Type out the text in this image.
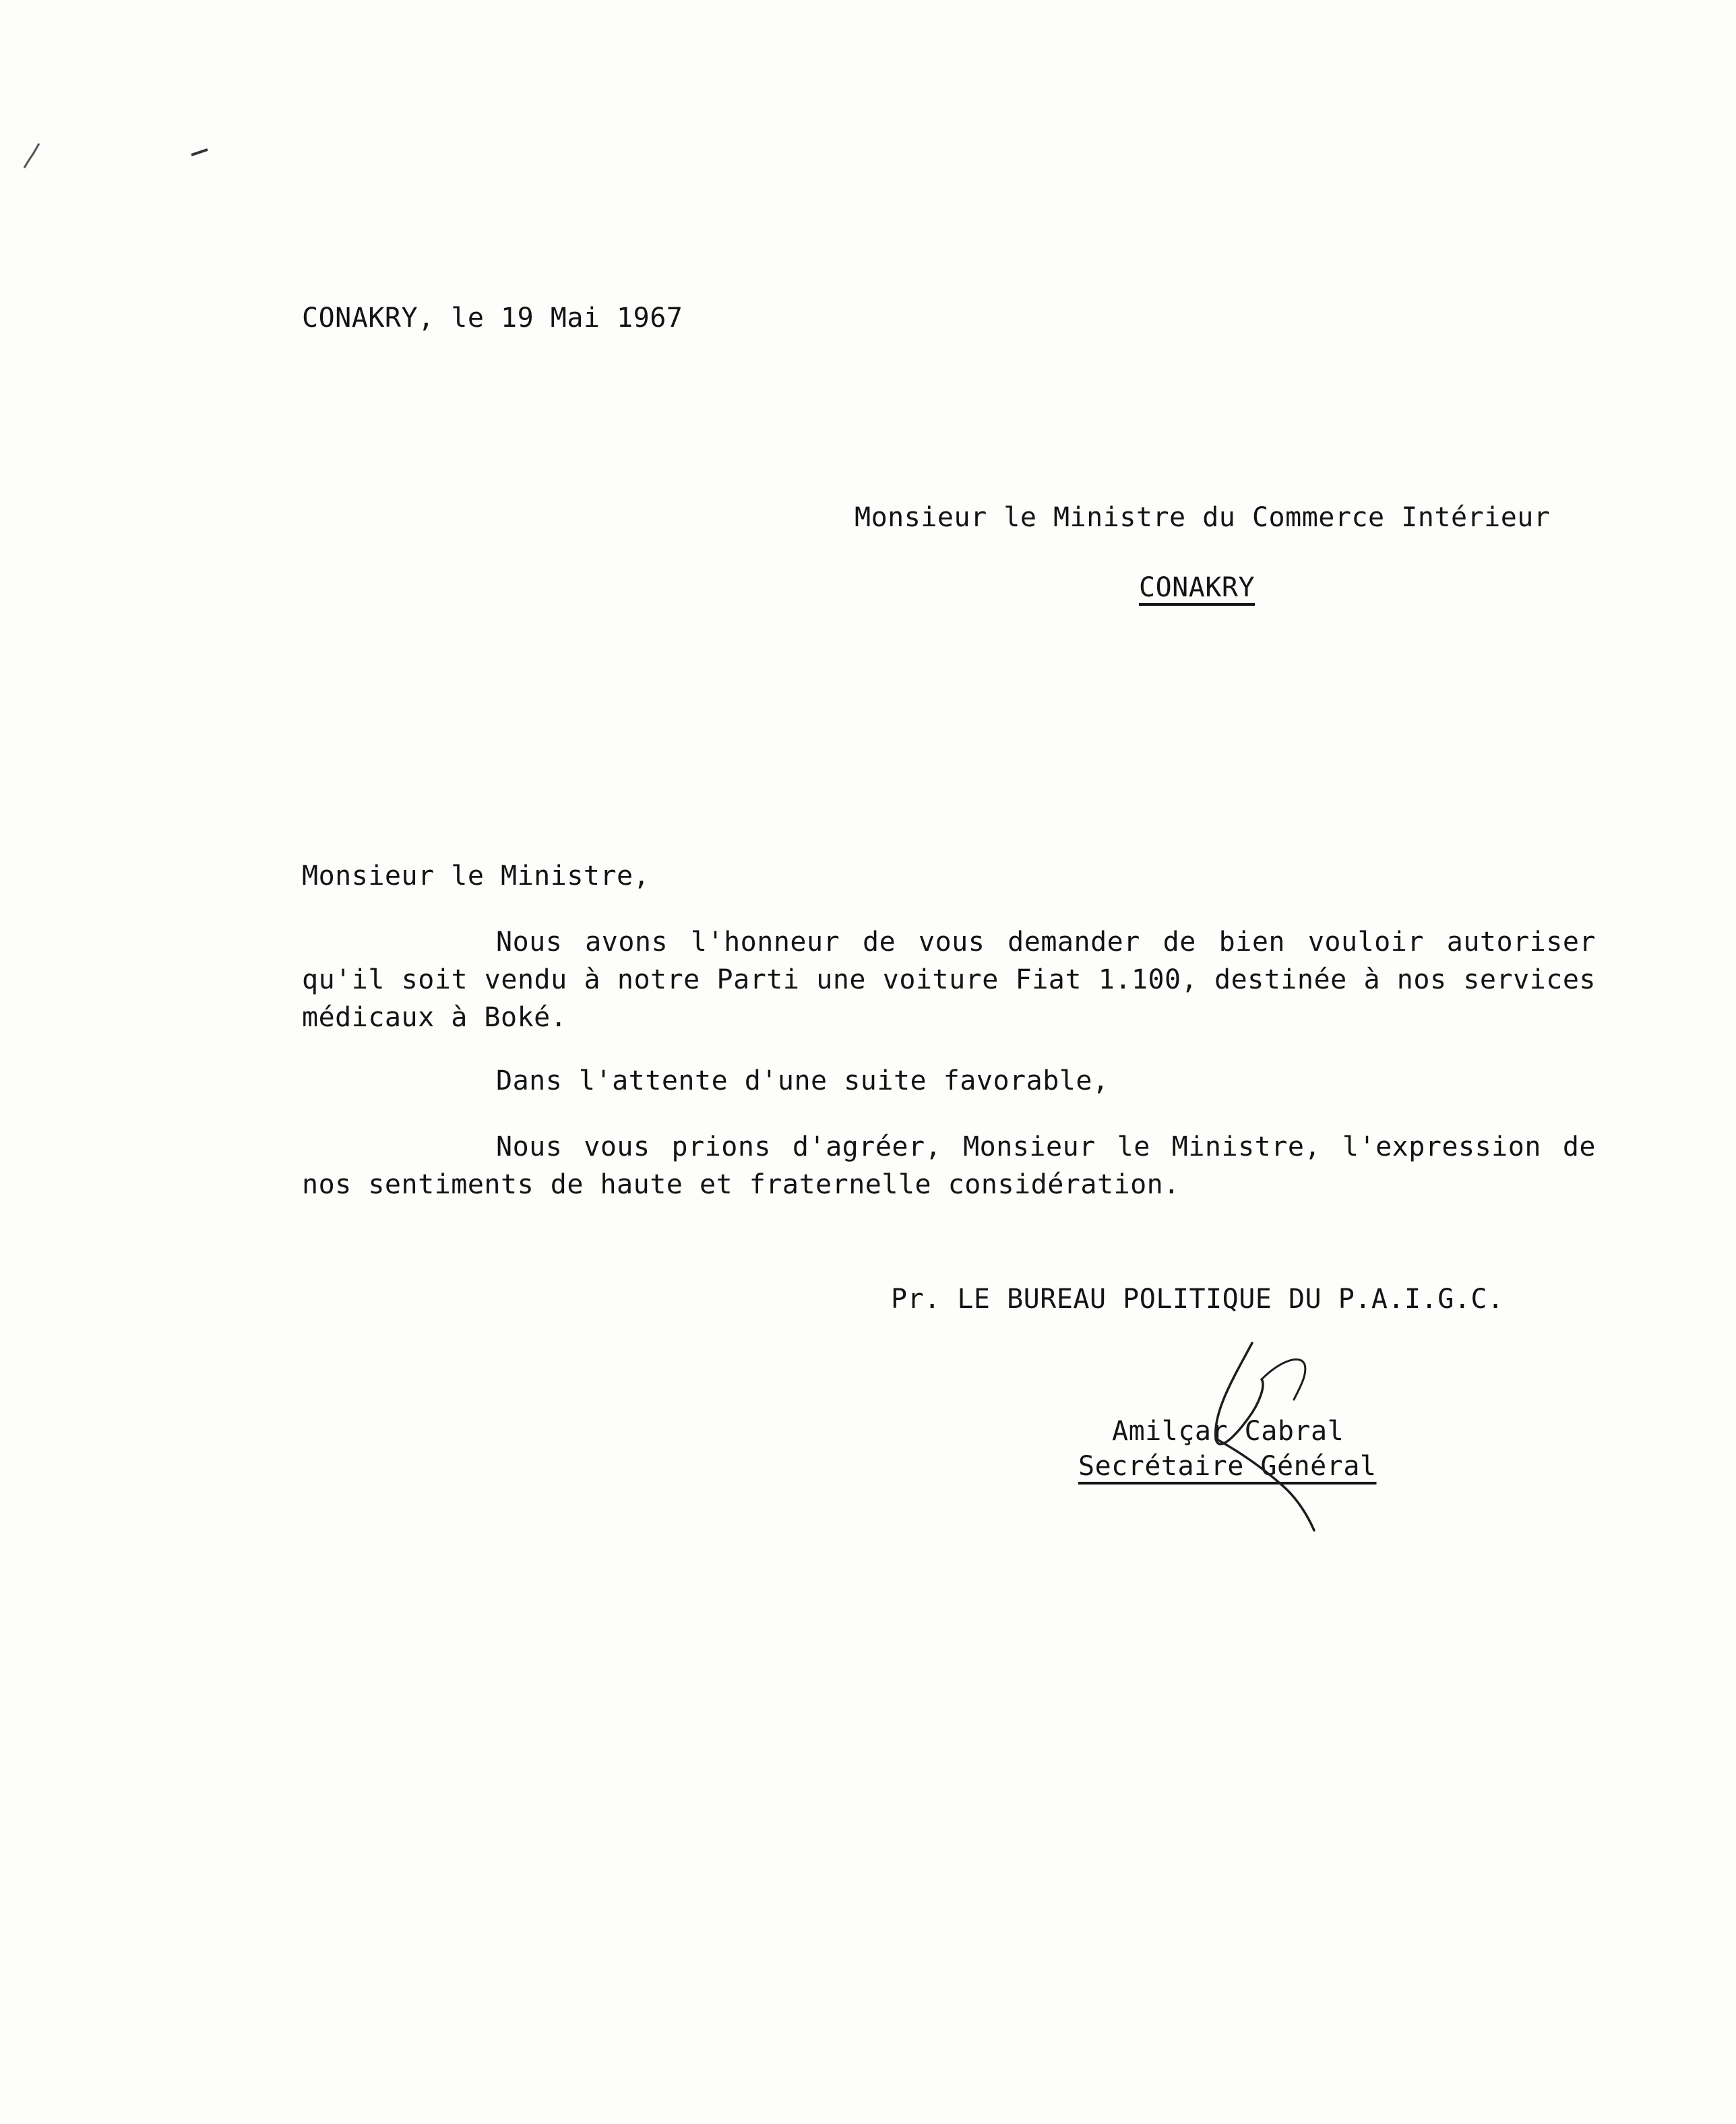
CONAKRY, le 19 Mai 1967
Monsieur le Ministre du Commerce Intérieur
CONAKRY
Monsieur le Ministre,

Nous avons l'honneur de vous demander de bien vouloir autoriser qu'il soit vendu à notre Parti une voiture Fiat 1.100, destinée à nos services médicaux à Boké.

Dans l'attente d'une suite favorable,

Nous vous prions d'agréer, Monsieur le Ministre, l'expression de nos sentiments de haute et fraternelle considération.

Pr. LE BUREAU POLITIQUE DU P.A.I.G.C.
Amilçar Cabral
Secrétaire Général
